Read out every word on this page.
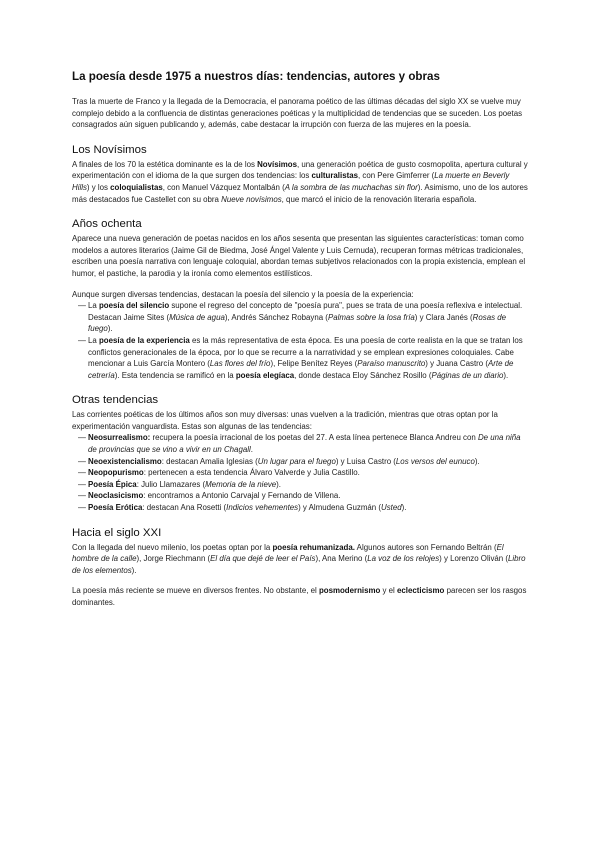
La poesía desde 1975 a nuestros días: tendencias, autores y obras

Tras la muerte de Franco y la llegada de la Democracia, el panorama poético de las últimas décadas del siglo XX se vuelve muy complejo debido a la confluencia de distintas generaciones poéticas y la multiplicidad de tendencias que se suceden. Los poetas consagrados aún siguen publicando y, además, cabe destacar la irrupción con fuerza de las mujeres en la poesía.

Los Novísimos

A finales de los 70 la estética dominante es la de los Novísimos, una generación poética de gusto cosmopolita, apertura cultural y experimentación con el idioma de la que surgen dos tendencias: los culturalistas, con Pere Gimferrer (La muerte en Beverly Hills) y los coloquialistas, con Manuel Vázquez Montalbán (A la sombra de las muchachas sin flor). Asimismo, uno de los autores más destacados fue Castellet con su obra Nueve novísimos, que marcó el inicio de la renovación literaria española.

Años ochenta

Aparece una nueva generación de poetas nacidos en los años sesenta que presentan las siguientes características: toman como modelos a autores literarios (Jaime Gil de Biedma, José Ángel Valente y Luis Cernuda), recuperan formas métricas tradicionales, escriben una poesía narrativa con lenguaje coloquial, abordan temas subjetivos relacionados con la propia existencia, emplean el humor, el pastiche, la parodia y la ironía como elementos estilísticos.

Aunque surgen diversas tendencias, destacan la poesía del silencio y la poesía de la experiencia:

— La poesía del silencio supone el regreso del concepto de "poesía pura", pues se trata de una poesía reflexiva e intelectual. Destacan Jaime Sites (Música de agua), Andrés Sánchez Robayna (Palmas sobre la losa fría) y Clara Janés (Rosas de fuego).
— La poesía de la experiencia es la más representativa de esta época. Es una poesía de corte realista en la que se tratan los conflictos generacionales de la época, por lo que se recurre a la narratividad y se emplean expresiones coloquiales. Cabe mencionar a Luis García Montero (Las flores del frío), Felipe Benítez Reyes (Paraíso manuscrito) y Juana Castro (Arte de cetrería). Esta tendencia se ramificó en la poesía elegíaca, donde destaca Eloy Sánchez Rosillo (Páginas de un diario).
Otras tendencias

Las corrientes poéticas de los últimos años son muy diversas: unas vuelven a la tradición, mientras que otras optan por la experimentación vanguardista. Estas son algunas de las tendencias:

— Neosurrealismo: recupera la poesía irracional de los poetas del 27. A esta línea pertenece Blanca Andreu con De una niña de provincias que se vino a vivir en un Chagall.
— Neoexistencialismo: destacan Amalia Iglesias (Un lugar para el fuego) y Luisa Castro (Los versos del eunuco).
— Neopopurismo: pertenecen a esta tendencia Álvaro Valverde y Julia Castillo.
— Poesía Épica: Julio Llamazares (Memoria de la nieve).
— Neoclasicismo: encontramos a Antonio Carvajal y Fernando de Villena.
— Poesía Erótica: destacan Ana Rosetti (Indicios vehementes) y Almudena Guzmán (Usted).
Hacia el siglo XXI

Con la llegada del nuevo milenio, los poetas optan por la poesía rehumanizada. Algunos autores son Fernando Beltrán (El hombre de la calle), Jorge Riechmann (El día que dejé de leer el País), Ana Merino (La voz de los relojes) y Lorenzo Oliván (Libro de los elementos).

La poesía más reciente se mueve en diversos frentes. No obstante, el posmodernismo y el eclecticismo parecen ser los rasgos dominantes.
